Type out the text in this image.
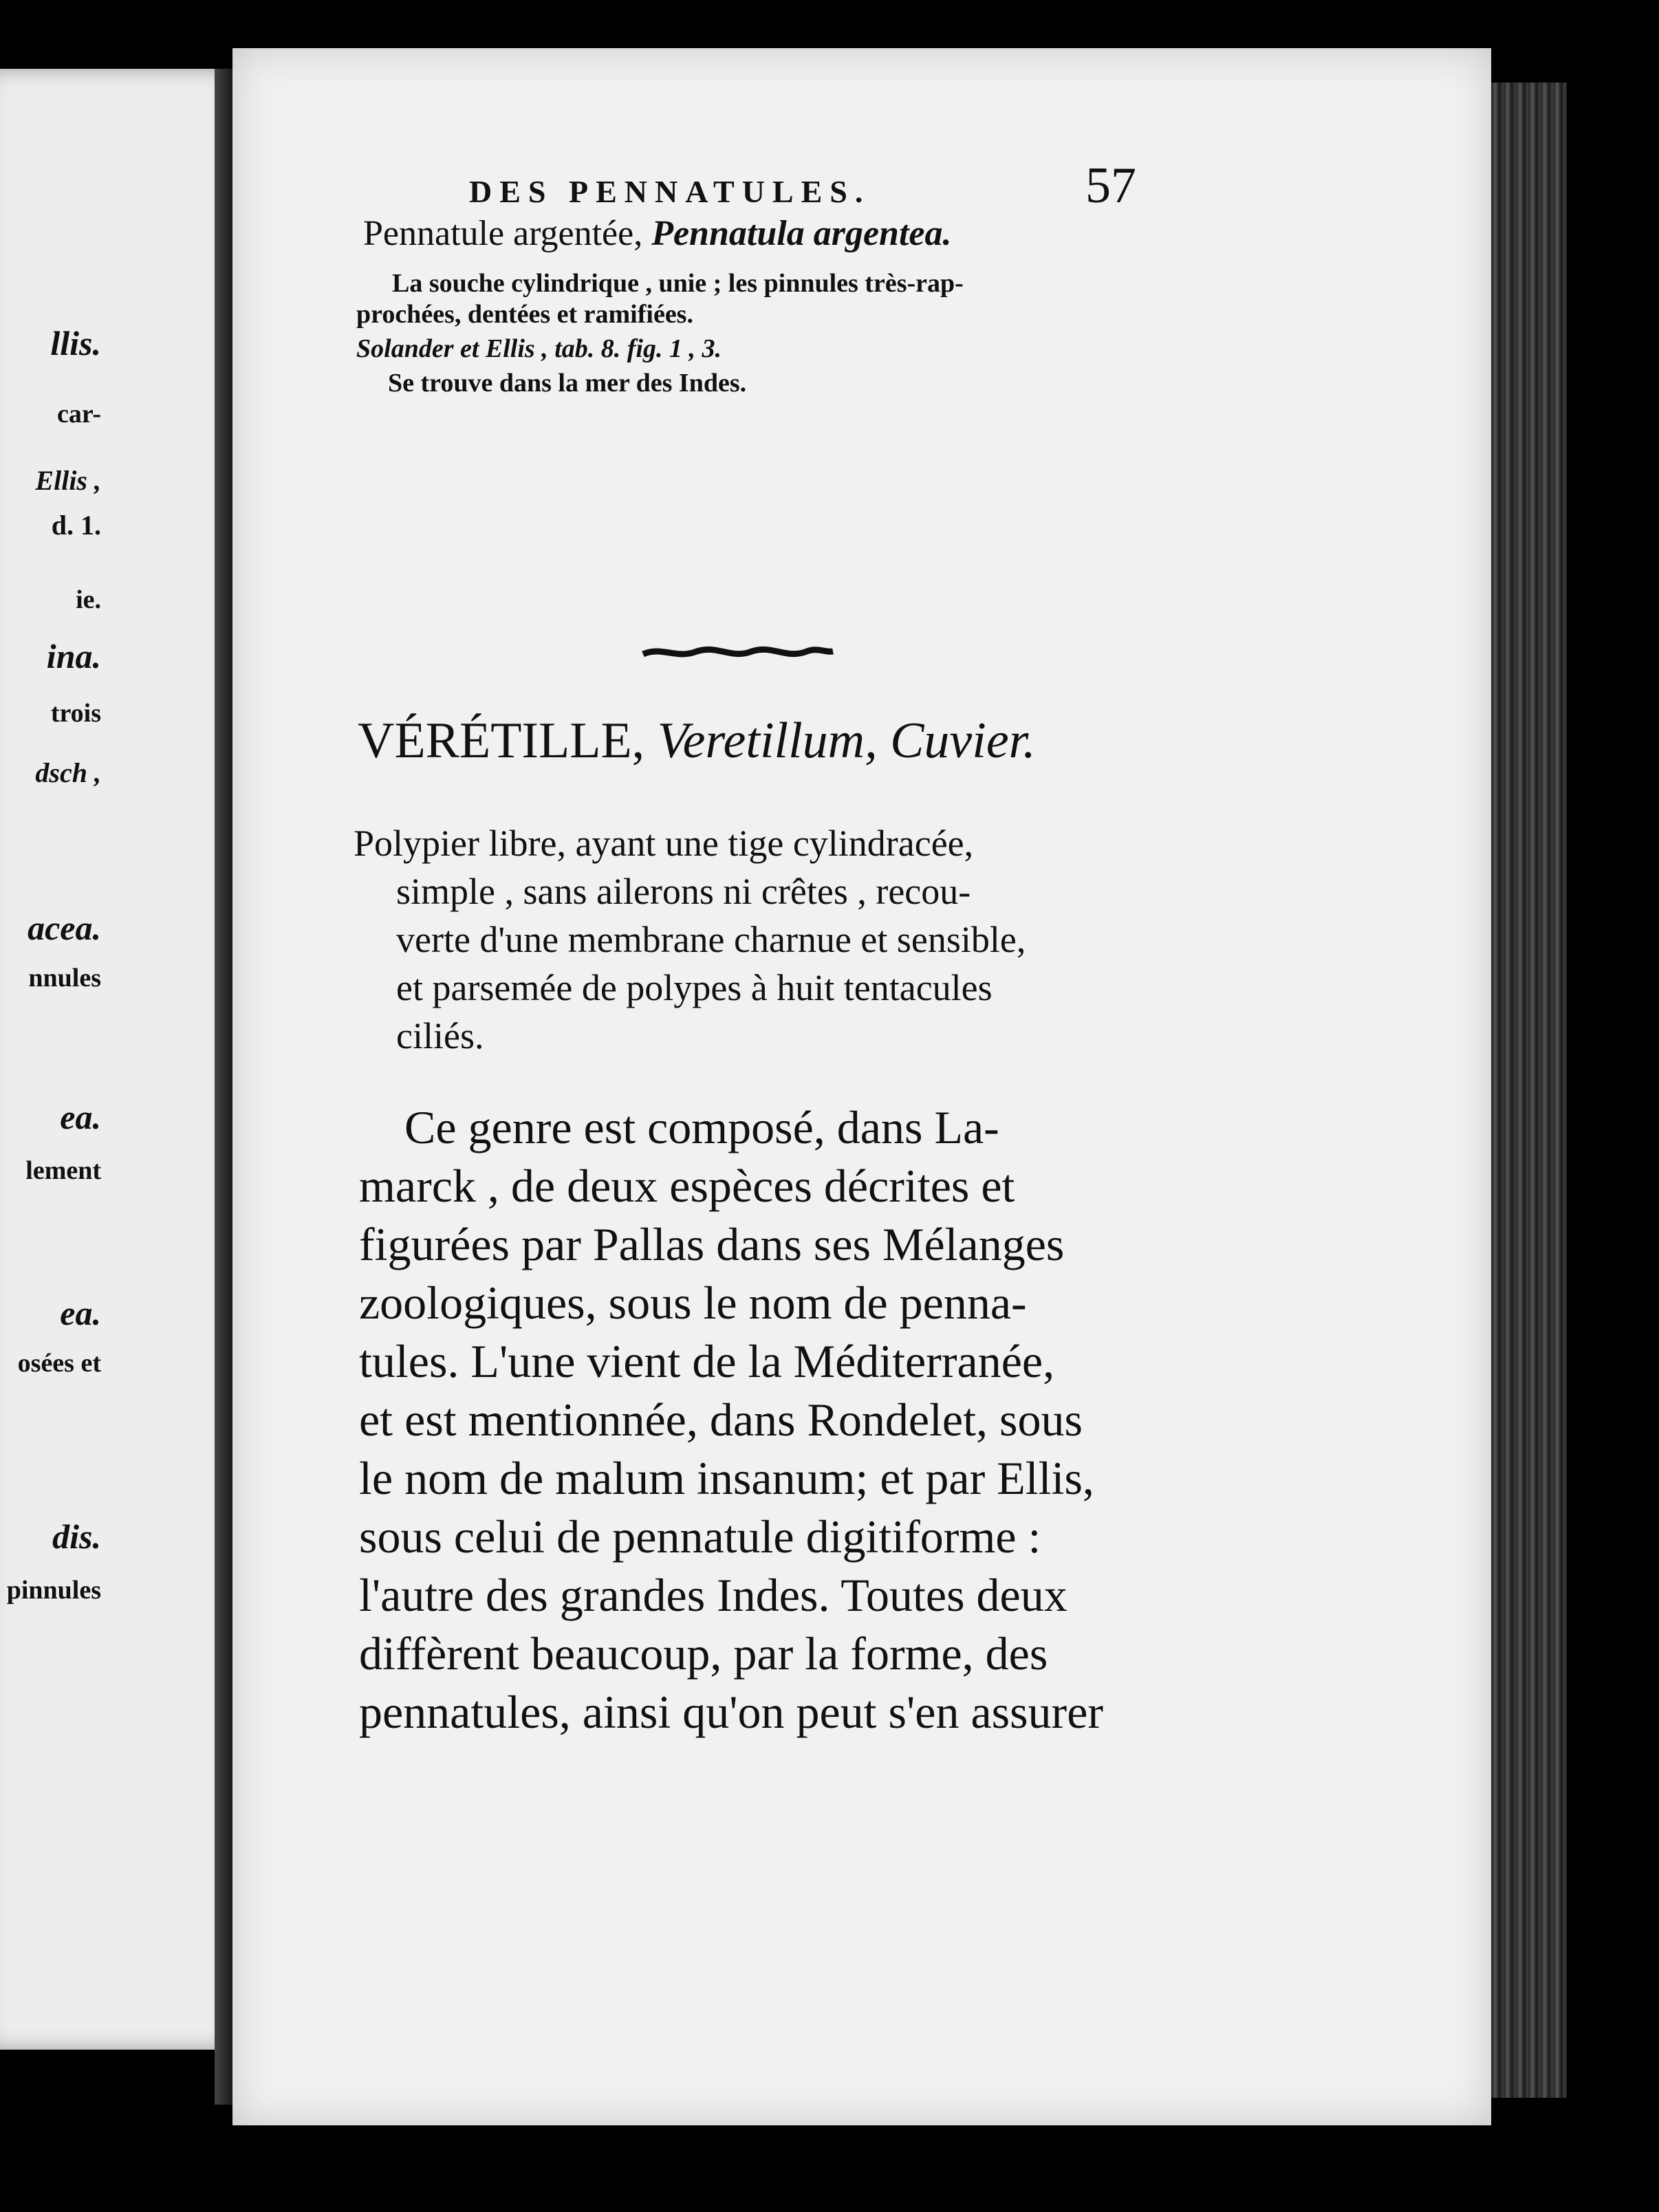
llis.
car-
Ellis ,
d. 1.
ie.
ina.
trois
dsch ,
acea.
nnules
ea.
lement
ea.
osées et
dis.
pinnules
DES PENNATULES.	57
Pennatule argentée, Pennatula argentea.
La souche cylindrique , unie ; les pinnules très-rap-
prochées, dentées et ramifiées.
Solander et Ellis , tab. 8. fig. 1 , 3.
Se trouve dans la mer des Indes.
VÉRÉTILLE, Veretillum, Cuvier.
Polypier libre, ayant une tige cylindracée,
simple , sans ailerons ni crêtes , recou-
verte d'une membrane charnue et sensible,
et parsemée de polypes à huit tentacules
ciliés.
Ce genre est composé, dans La-
marck , de deux espèces décrites et
figurées par Pallas dans ses Mélanges
zoologiques, sous le nom de penna-
tules. L'une vient de la Méditerranée,
et est mentionnée, dans Rondelet, sous
le nom de malum insanum; et par Ellis,
sous celui de pennatule digitiforme :
l'autre des grandes Indes. Toutes deux
diffèrent beaucoup, par la forme, des
pennatules, ainsi qu'on peut s'en assurer
